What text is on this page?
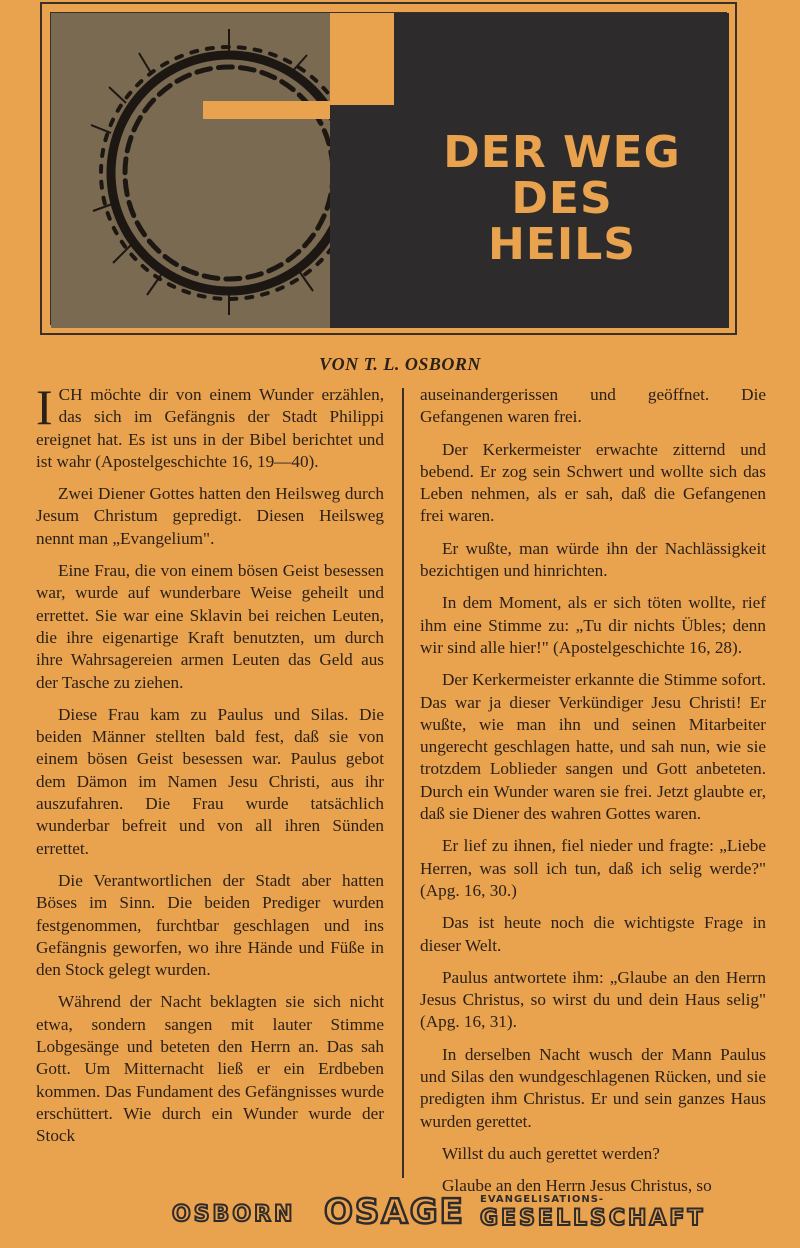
DER WEG
DES
HEILS
VON T. L. OSBORN

ICH möchte dir von einem Wunder erzählen, das sich im Gefängnis der Stadt Philippi ereignet hat. Es ist uns in der Bibel berichtet und ist wahr (Apostelgeschichte 16, 19—40).

Zwei Diener Gottes hatten den Heilsweg durch Jesum Christum gepredigt. Diesen Heilsweg nennt man „Evangelium".

Eine Frau, die von einem bösen Geist besessen war, wurde auf wunderbare Weise geheilt und errettet. Sie war eine Sklavin bei reichen Leuten, die ihre eigenartige Kraft benutzten, um durch ihre Wahrsagereien armen Leuten das Geld aus der Tasche zu ziehen.

Diese Frau kam zu Paulus und Silas. Die beiden Männer stellten bald fest, daß sie von einem bösen Geist besessen war. Paulus gebot dem Dämon im Namen Jesu Christi, aus ihr auszufahren. Die Frau wurde tatsächlich wunderbar befreit und von all ihren Sünden errettet.

Die Verantwortlichen der Stadt aber hatten Böses im Sinn. Die beiden Prediger wurden festgenommen, furchtbar geschlagen und ins Gefängnis geworfen, wo ihre Hände und Füße in den Stock gelegt wurden.

Während der Nacht beklagten sie sich nicht etwa, sondern sangen mit lauter Stimme Lobgesänge und beteten den Herrn an. Das sah Gott. Um Mitternacht ließ er ein Erdbeben kommen. Das Fundament des Gefängnisses wurde erschüttert. Wie durch ein Wunder wurde der Stock

auseinandergerissen und geöffnet. Die Gefangenen waren frei.

Der Kerkermeister erwachte zitternd und bebend. Er zog sein Schwert und wollte sich das Leben nehmen, als er sah, daß die Gefangenen frei waren.

Er wußte, man würde ihn der Nachlässigkeit bezichtigen und hinrichten.

In dem Moment, als er sich töten wollte, rief ihm eine Stimme zu: „Tu dir nichts Übles; denn wir sind alle hier!" (Apostelgeschichte 16, 28).

Der Kerkermeister erkannte die Stimme sofort. Das war ja dieser Verkündiger Jesu Christi! Er wußte, wie man ihn und seinen Mitarbeiter ungerecht geschlagen hatte, und sah nun, wie sie trotzdem Loblieder sangen und Gott anbeteten. Durch ein Wunder waren sie frei. Jetzt glaubte er, daß sie Diener des wahren Gottes waren.

Er lief zu ihnen, fiel nieder und fragte: „Liebe Herren, was soll ich tun, daß ich selig werde?" (Apg. 16, 30.)

Das ist heute noch die wichtigste Frage in dieser Welt.

Paulus antwortete ihm: „Glaube an den Herrn Jesus Christus, so wirst du und dein Haus selig" (Apg. 16, 31).

In derselben Nacht wusch der Mann Paulus und Silas den wundgeschlagenen Rücken, und sie predigten ihm Christus. Er und sein ganzes Haus wurden gerettet.

Willst du auch gerettet werden?

Glaube an den Herrn Jesus Christus, so

OSBORN OSAGE EVANGELISATIONS-
GESELLSCHAFT
